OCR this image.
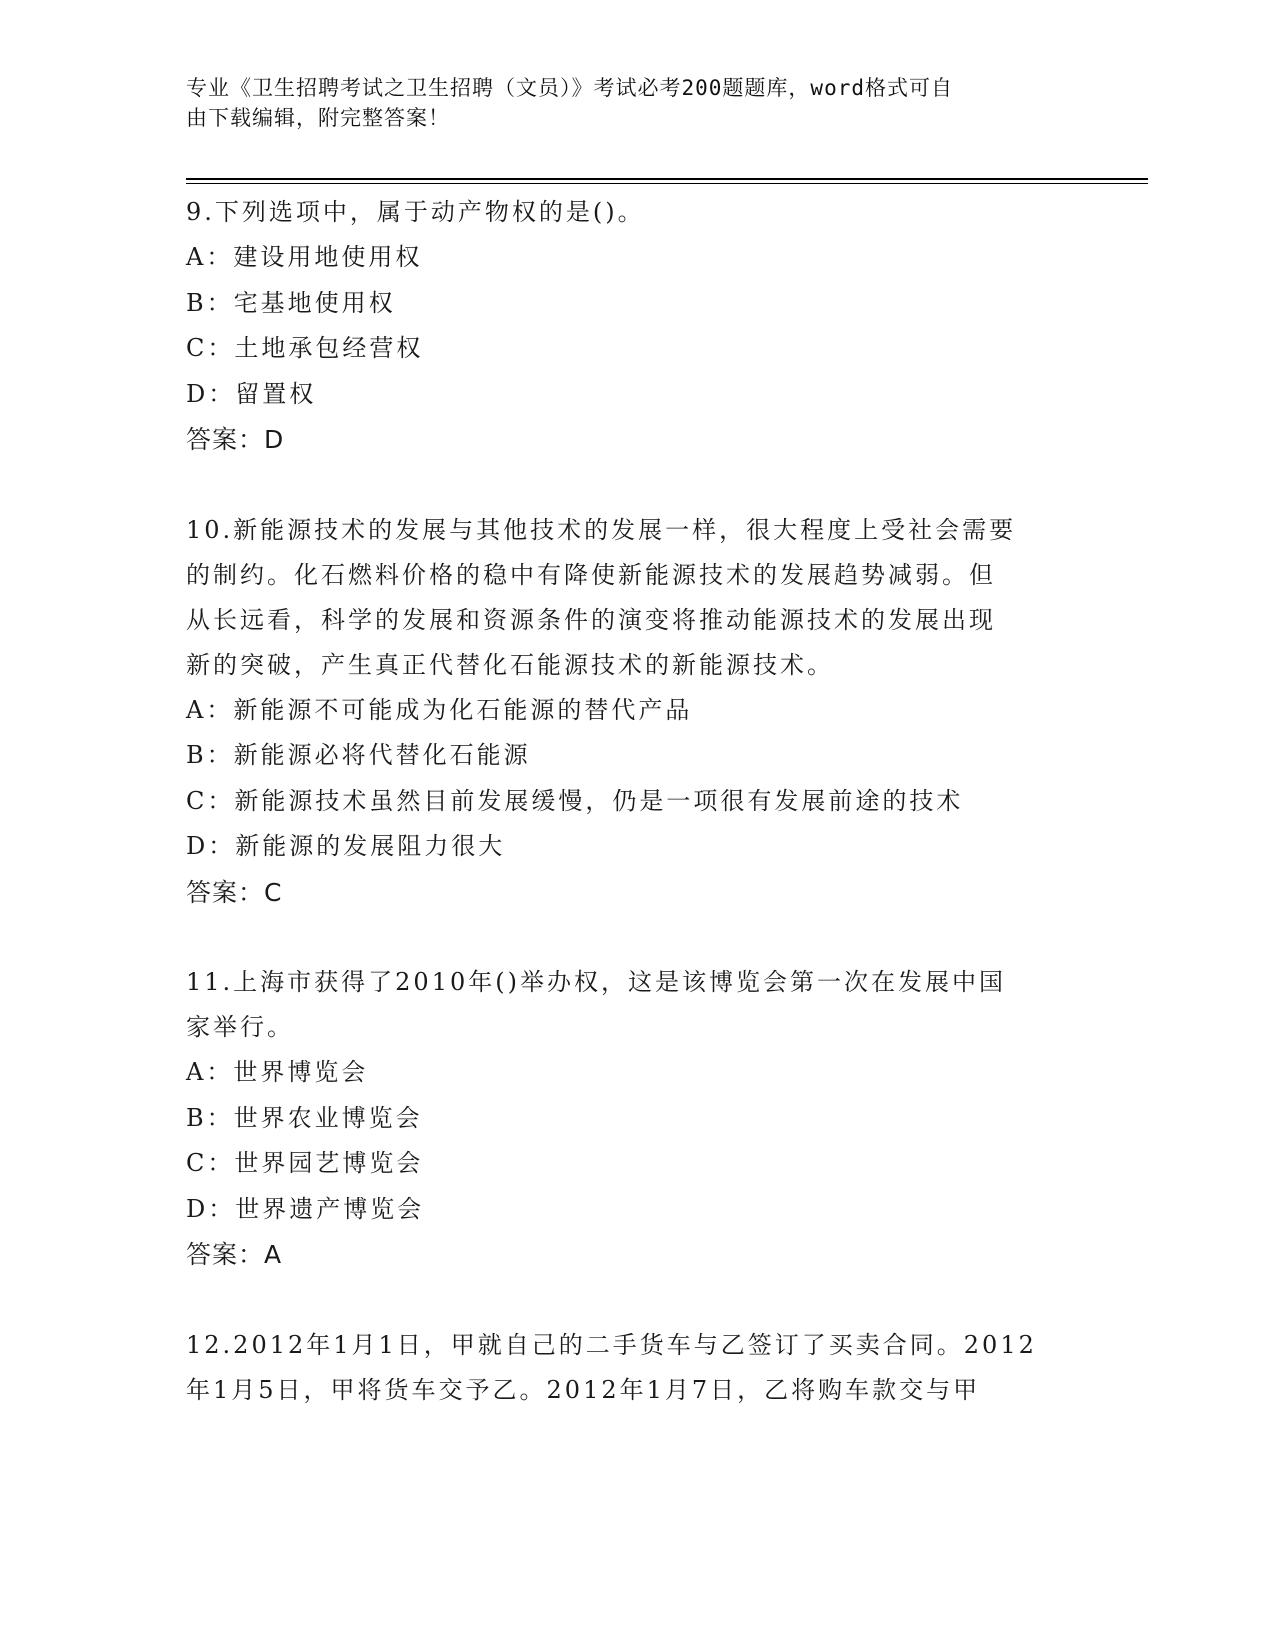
专业《卫生招聘考试之卫生招聘（文员）》考试必考200题题库，word格式可自
由下载编辑，附完整答案！
9.下列选项中，属于动产物权的是()。
A：建设用地使用权
B：宅基地使用权
C：土地承包经营权
D：留置权
答案：D
10.新能源技术的发展与其他技术的发展一样，很大程度上受社会需要
的制约。化石燃料价格的稳中有降使新能源技术的发展趋势减弱。但
从长远看，科学的发展和资源条件的演变将推动能源技术的发展出现
新的突破，产生真正代替化石能源技术的新能源技术。
A：新能源不可能成为化石能源的替代产品
B：新能源必将代替化石能源
C：新能源技术虽然目前发展缓慢，仍是一项很有发展前途的技术
D：新能源的发展阻力很大
答案：C
11.上海市获得了2010年()举办权，这是该博览会第一次在发展中国
家举行。
A：世界博览会
B：世界农业博览会
C：世界园艺博览会
D：世界遗产博览会
答案：A
12.2012年1月1日，甲就自己的二手货车与乙签订了买卖合同。2012
年1月5日，甲将货车交予乙。2012年1月7日，乙将购车款交与甲
